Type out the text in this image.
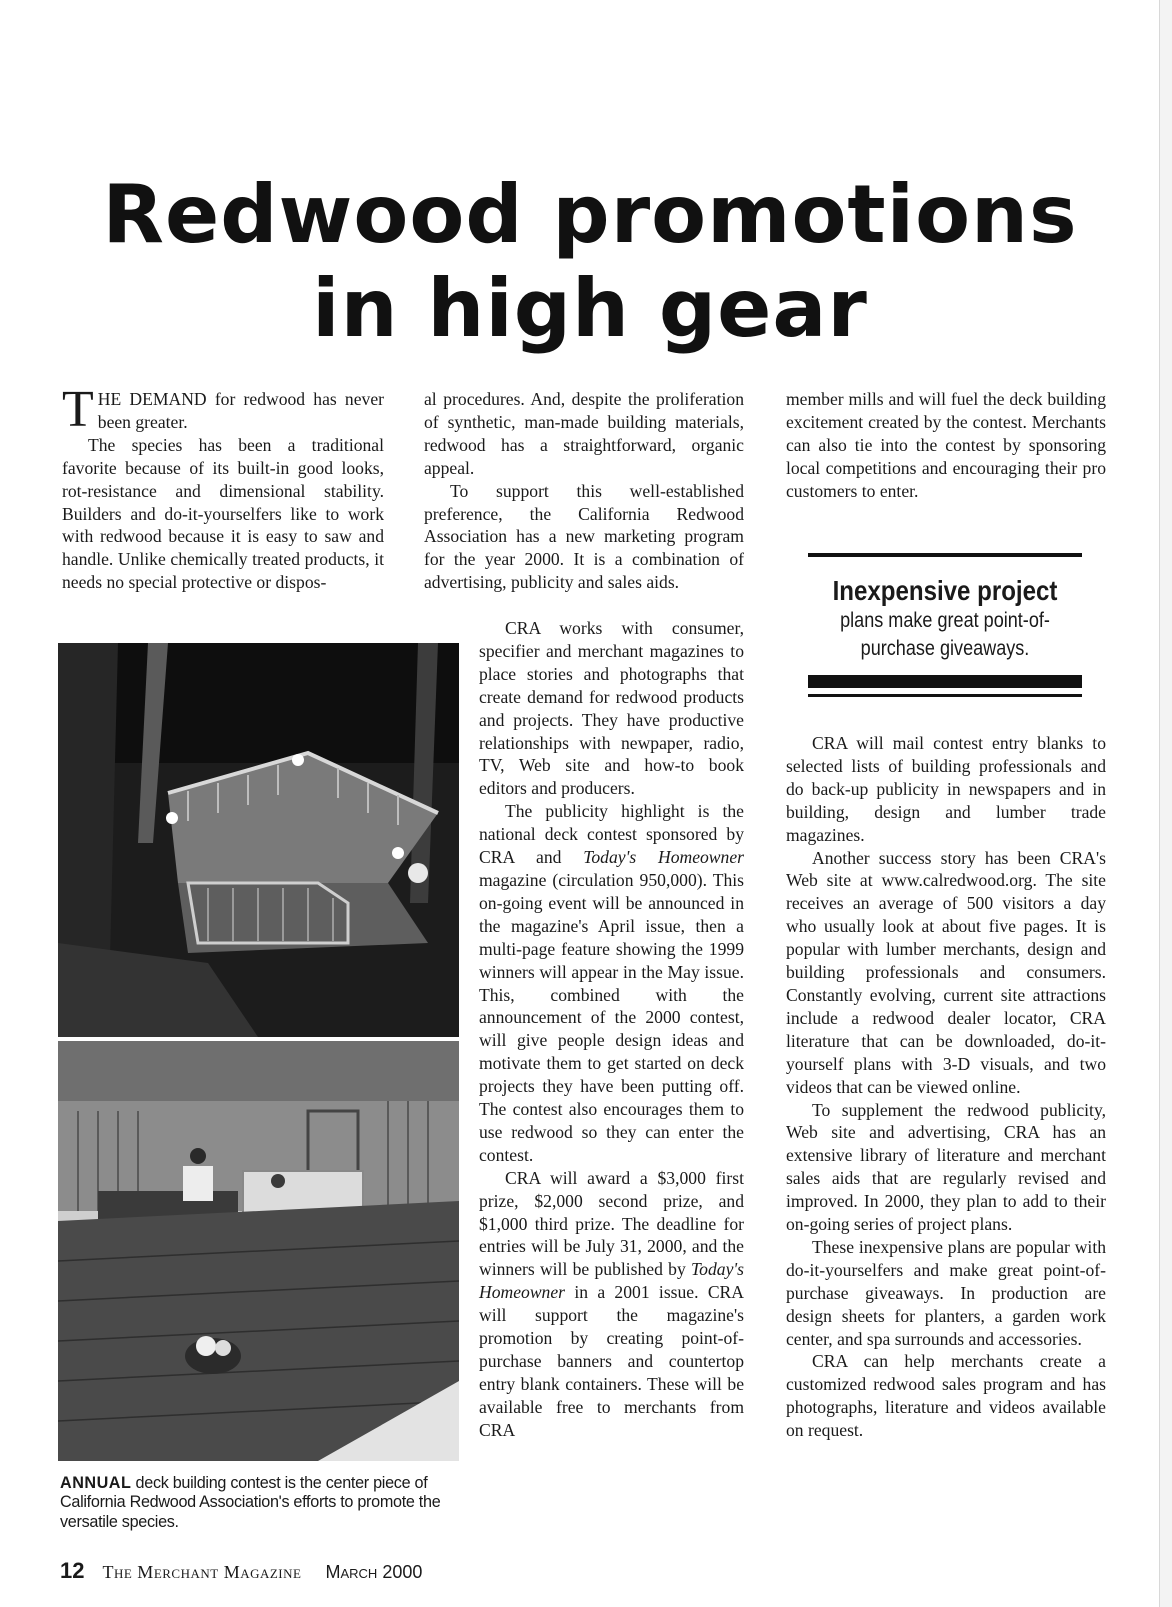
Redwood promotions
in high gear

THE DEMAND for redwood has never been greater.

The species has been a traditional favorite because of its built-in good looks, rot-resistance and dimensional stability. Builders and do-it-yourselfers like to work with redwood because it is easy to saw and handle. Unlike chemically treated products, it needs no special protective or dispos-

al procedures. And, despite the proliferation of synthetic, man-made building materials, redwood has a straightforward, organic appeal.

To support this well-established preference, the California Redwood Association has a new marketing program for the year 2000. It is a combination of advertising, publicity and sales aids.

CRA works with consumer, specifier and merchant magazines to place stories and photographs that create demand for redwood products and projects. They have productive relationships with newpaper, radio, TV, Web site and how-to book editors and producers.

The publicity highlight is the national deck contest sponsored by CRA and Today's Homeowner magazine (circulation 950,000). This on-going event will be announced in the magazine's April issue, then a multi-page feature showing the 1999 winners will appear in the May issue. This, combined with the announcement of the 2000 contest, will give people design ideas and motivate them to get started on deck projects they have been putting off. The contest also encourages them to use redwood so they can enter the contest.

CRA will award a $3,000 first prize, $2,000 second prize, and $1,000 third prize. The deadline for entries will be July 31, 2000, and the winners will be published by Today's Homeowner in a 2001 issue. CRA will support the magazine's promotion by creating point-of-purchase banners and countertop entry blank containers. These will be available free to merchants from CRA

member mills and will fuel the deck building excitement created by the contest. Merchants can also tie into the contest by sponsoring local competitions and encouraging their pro customers to enter.

Inexpensive project
plans make great point-of-purchase giveaways.

CRA will mail contest entry blanks to selected lists of building professionals and do back-up publicity in newspapers and in building, design and lumber trade magazines.

Another success story has been CRA's Web site at www.calredwood.org. The site receives an average of 500 visitors a day who usually look at about five pages. It is popular with lumber merchants, design and building professionals and consumers. Constantly evolving, current site attractions include a redwood dealer locator, CRA literature that can be downloaded, do-it-yourself plans with 3-D visuals, and two videos that can be viewed online.

To supplement the redwood publicity, Web site and advertising, CRA has an extensive library of literature and merchant sales aids that are regularly revised and improved. In 2000, they plan to add to their on-going series of project plans.

These inexpensive plans are popular with do-it-yourselfers and make great point-of-purchase giveaways. In production are design sheets for planters, a garden work center, and spa surrounds and accessories.

CRA can help merchants create a customized redwood sales program and has photographs, literature and videos available on request.

ANNUAL deck building contest is the center piece of California Redwood Association's efforts to promote the versatile species.
12 The Merchant Magazine March 2000
